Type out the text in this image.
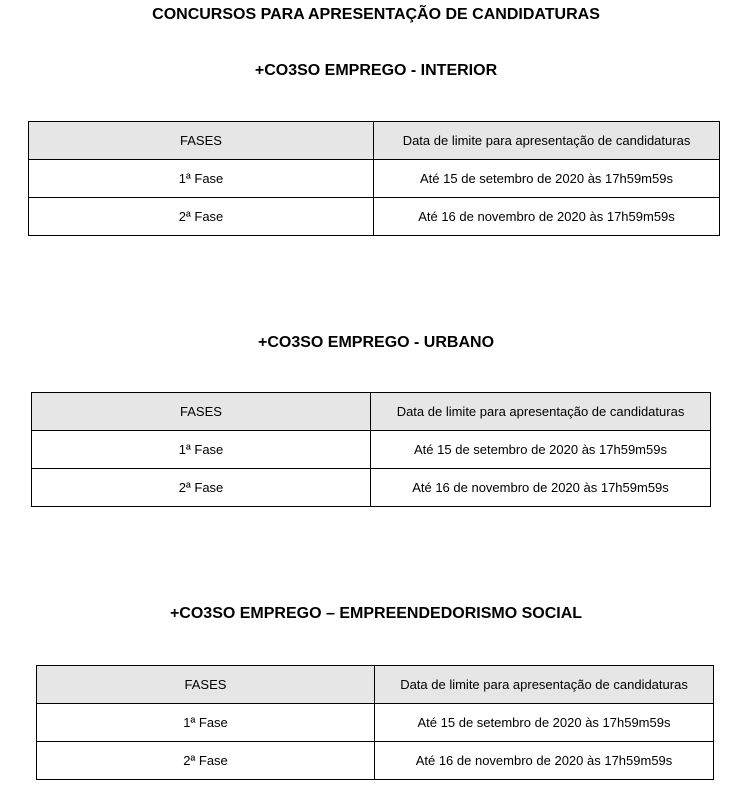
CONCURSOS PARA APRESENTAÇÃO DE CANDIDATURAS
+CO3SO EMPREGO - INTERIOR
FASES	Data de limite para apresentação de candidaturas
1ª Fase	Até 15 de setembro de 2020 às 17h59m59s
2ª Fase	Até 16 de novembro de 2020 às 17h59m59s
+CO3SO EMPREGO - URBANO
FASES	Data de limite para apresentação de candidaturas
1ª Fase	Até 15 de setembro de 2020 às 17h59m59s
2ª Fase	Até 16 de novembro de 2020 às 17h59m59s
+CO3SO EMPREGO – EMPREENDEDORISMO SOCIAL
FASES	Data de limite para apresentação de candidaturas
1ª Fase	Até 15 de setembro de 2020 às 17h59m59s
2ª Fase	Até 16 de novembro de 2020 às 17h59m59s
